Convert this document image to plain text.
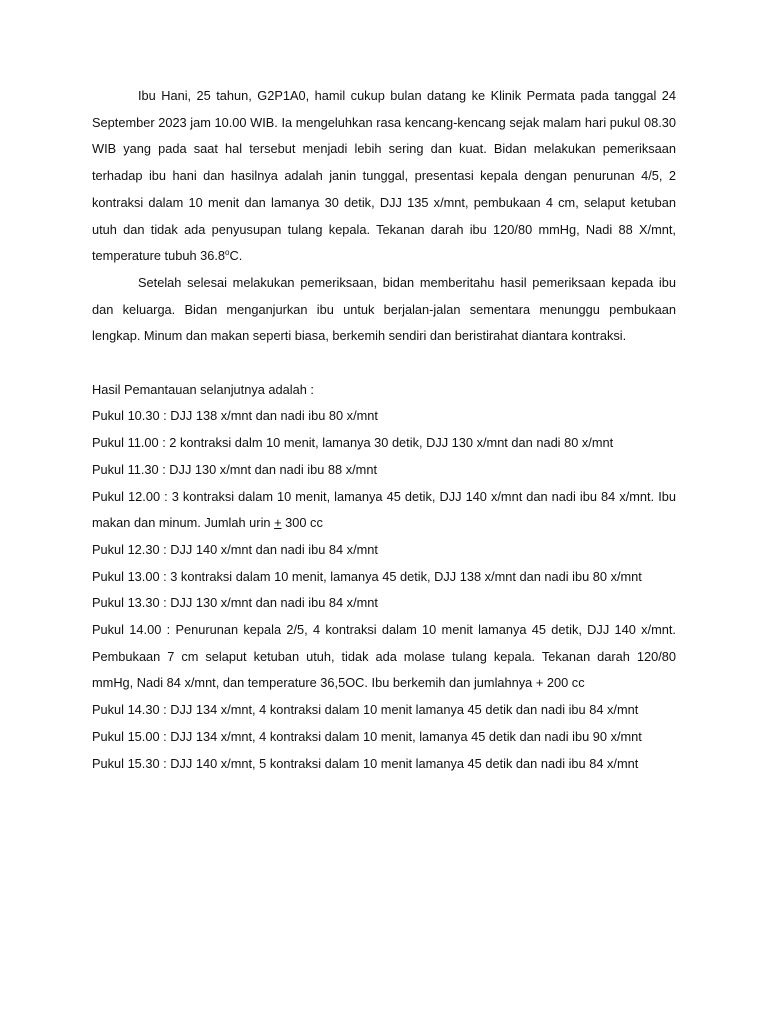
Ibu Hani, 25 tahun, G2P1A0, hamil cukup bulan datang ke Klinik Permata pada tanggal 24 September 2023 jam 10.00 WIB. Ia mengeluhkan rasa kencang-kencang sejak malam hari pukul 08.30 WIB yang pada saat hal tersebut menjadi lebih sering dan kuat. Bidan melakukan pemeriksaan terhadap ibu hani dan hasilnya adalah janin tunggal, presentasi kepala dengan penurunan 4/5, 2 kontraksi dalam 10 menit dan lamanya 30 detik, DJJ 135 x/mnt, pembukaan 4 cm, selaput ketuban utuh dan tidak ada penyusupan tulang kepala. Tekanan darah ibu 120/80 mmHg, Nadi 88 X/mnt, temperature tubuh 36.8$^o$C.

Setelah selesai melakukan pemeriksaan, bidan memberitahu hasil pemeriksaan kepada ibu dan keluarga. Bidan menganjurkan ibu untuk berjalan-jalan sementara menunggu pembukaan lengkap. Minum dan makan seperti biasa, berkemih sendiri dan beristirahat diantara kontraksi.

Hasil Pemantauan selanjutnya adalah :

Pukul 10.30 : DJJ 138 x/mnt dan nadi ibu 80 x/mnt

Pukul 11.00 : 2 kontraksi dalm 10 menit, lamanya 30 detik, DJJ 130 x/mnt dan nadi 80 x/mnt

Pukul 11.30 : DJJ 130 x/mnt dan nadi ibu 88 x/mnt

Pukul 12.00 : 3 kontraksi dalam 10 menit, lamanya 45 detik, DJJ 140 x/mnt dan nadi ibu 84 x/mnt. Ibu makan dan minum. Jumlah urin + 300 cc

Pukul 12.30 : DJJ 140 x/mnt dan nadi ibu 84 x/mnt

Pukul 13.00 : 3 kontraksi dalam 10 menit, lamanya 45 detik, DJJ 138 x/mnt dan nadi ibu 80 x/mnt

Pukul 13.30 : DJJ 130 x/mnt dan nadi ibu 84 x/mnt

Pukul 14.00 : Penurunan kepala 2/5, 4 kontraksi dalam 10 menit lamanya 45 detik, DJJ 140 x/mnt. Pembukaan 7 cm selaput ketuban utuh, tidak ada molase tulang kepala. Tekanan darah 120/80 mmHg, Nadi 84 x/mnt, dan temperature 36,5OC. Ibu berkemih dan jumlahnya + 200 cc

Pukul 14.30 : DJJ 134 x/mnt, 4 kontraksi dalam 10 menit lamanya 45 detik dan nadi ibu 84 x/mnt

Pukul 15.00 : DJJ 134 x/mnt, 4 kontraksi dalam 10 menit, lamanya 45 detik dan nadi ibu 90 x/mnt

Pukul 15.30 : DJJ 140 x/mnt, 5 kontraksi dalam 10 menit lamanya 45 detik dan nadi ibu 84 x/mnt
